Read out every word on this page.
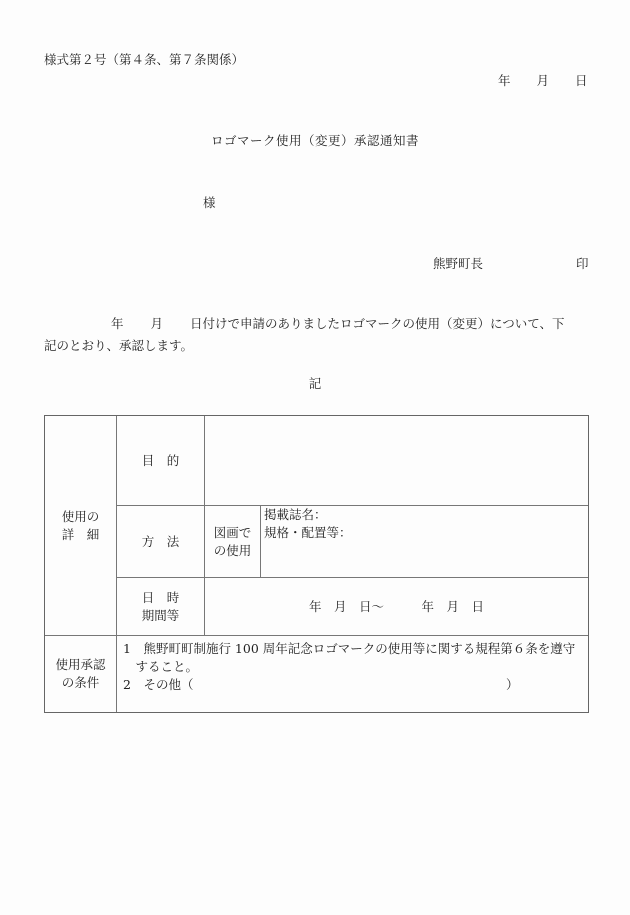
様式第２号（第４条、第７条関係）
年 月 日
ロゴマーク使用（変更）承認通知書
様
熊野町長	印
年 月 日付けで申請のありましたロゴマークの使用（変更）について、下
記のとおり、承認します。
記
使用の
詳　細
目　的
方　法
図画で
の使用
掲載誌名：
規格・配置等：
日　時
期間等
年　月　日～　　　年　月　日
使用承認
の条件
1　熊野町町制施行 100 周年記念ロゴマークの使用等に関する規程第６条を遵守
　すること。
2　その他（　　　　　　　　　　　　　　　　　　　　　　　　　）
